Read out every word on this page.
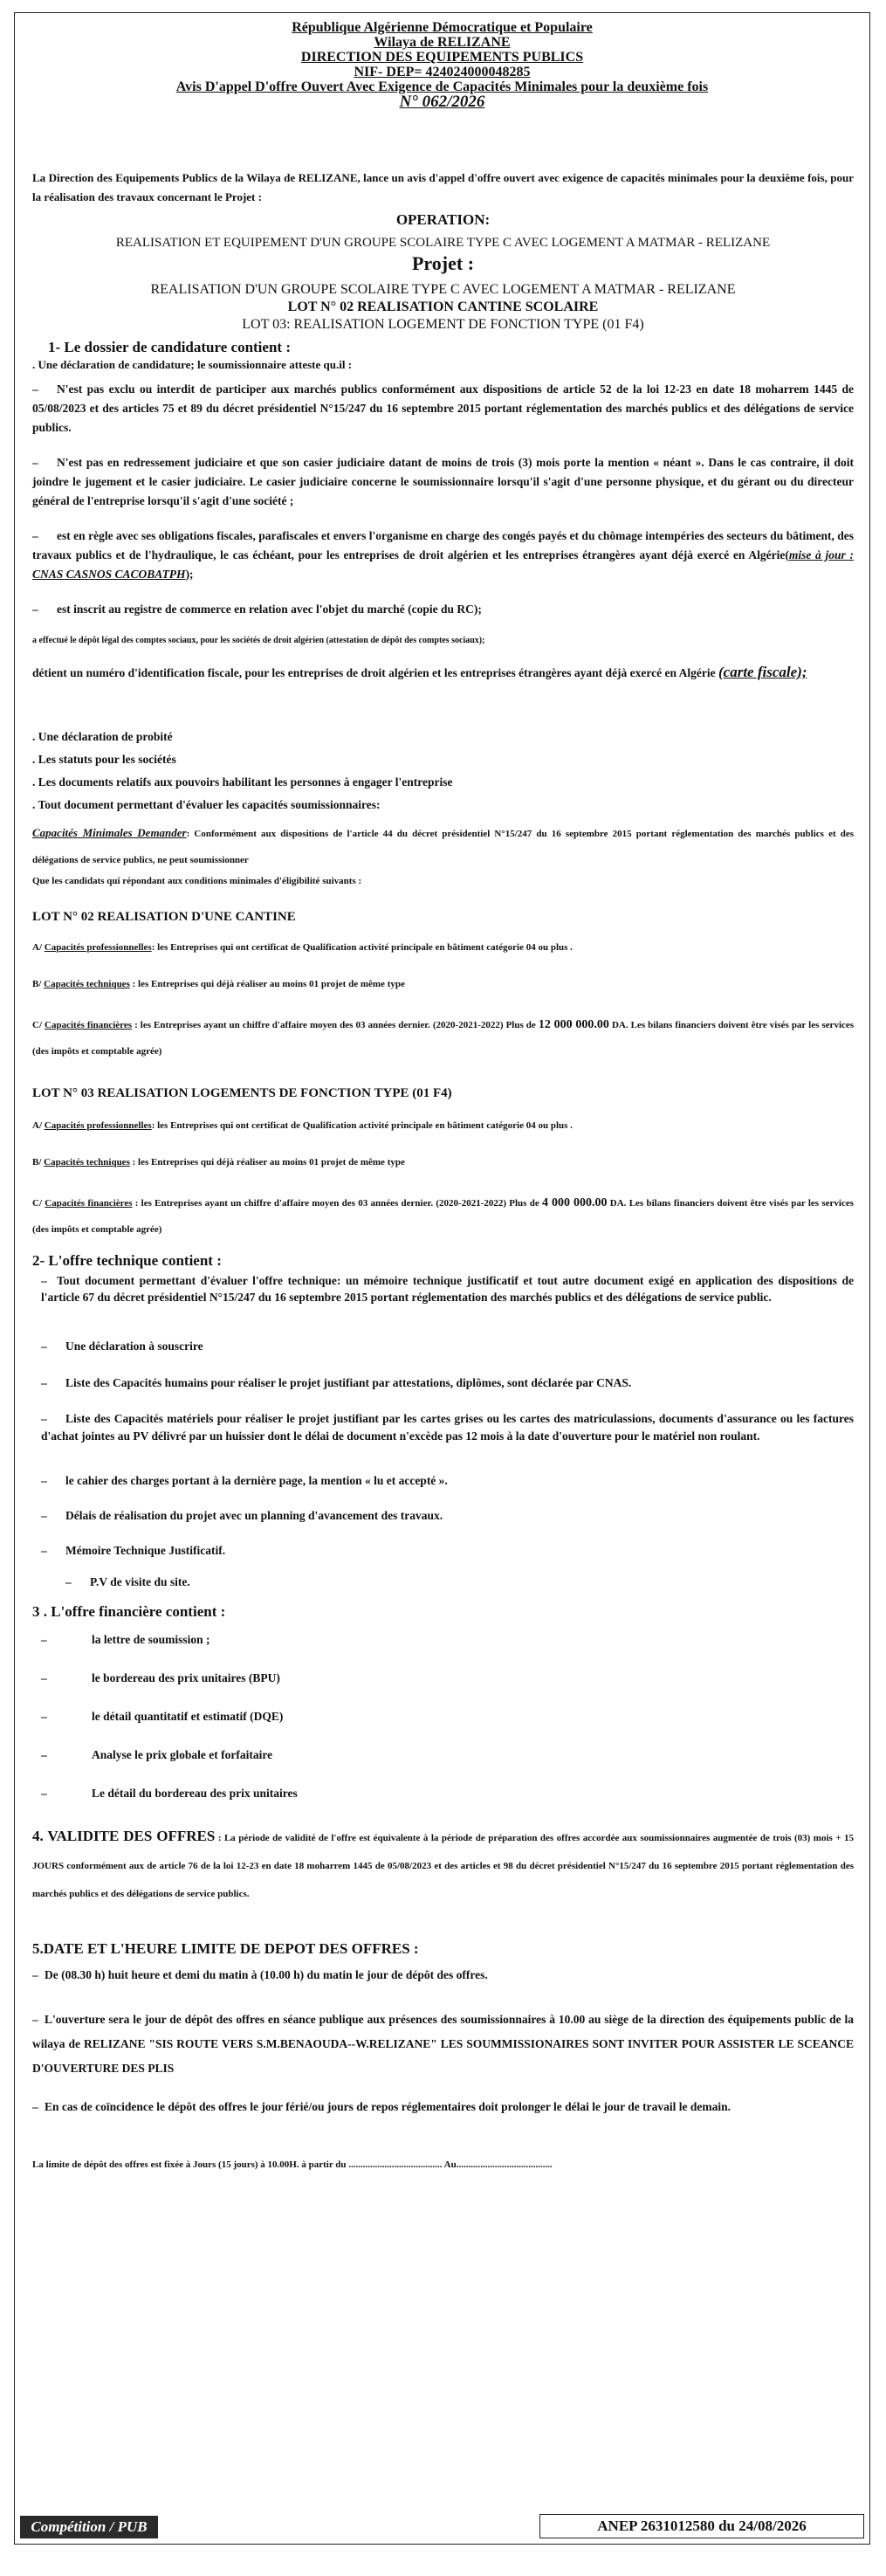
République Algérienne Démocratique et Populaire
Wilaya de RELIZANE
DIRECTION DES EQUIPEMENTS PUBLICS
NIF- DEP= 424024000048285
Avis D'appel D'offre Ouvert Avec Exigence de Capacités Minimales pour la deuxième fois
N° 062/2026
La Direction des Equipements Publics de la Wilaya de RELIZANE, lance un avis d'appel d'offre ouvert avec exigence de capacités minimales pour la deuxième fois, pour la réalisation des travaux concernant le Projet :
OPERATION:
REALISATION ET EQUIPEMENT D'UN GROUPE SCOLAIRE TYPE C AVEC LOGEMENT A MATMAR - RELIZANE
Projet :
REALISATION D'UN GROUPE SCOLAIRE TYPE C AVEC LOGEMENT A MATMAR - RELIZANE
LOT N° 02 REALISATION CANTINE SCOLAIRE
LOT 03: REALISATION LOGEMENT DE FONCTION TYPE (01 F4)
1- Le dossier de candidature contient :
. Une déclaration de candidature; le soumissionnaire atteste qu.il :
– N'est pas exclu ou interdit de participer aux marchés publics conformément aux dispositions de article 52 de la loi 12-23 en date 18 moharrem 1445 de 05/08/2023 et des articles 75 et 89 du décret présidentiel N°15/247 du 16 septembre 2015 portant réglementation des marchés publics et des délégations de service publics.
– N'est pas en redressement judiciaire et que son casier judiciaire datant de moins de trois (3) mois porte la mention « néant ». Dans le cas contraire, il doit joindre le jugement et le casier judiciaire. Le casier judiciaire concerne le soumissionnaire lorsqu'il s'agit d'une personne physique, et du gérant ou du directeur général de l'entreprise lorsqu'il s'agit d'une société ;
– est en règle avec ses obligations fiscales, parafiscales et envers l'organisme en charge des congés payés et du chômage intempéries des secteurs du bâtiment, des travaux publics et de l'hydraulique, le cas échéant, pour les entreprises de droit algérien et les entreprises étrangères ayant déjà exercé en Algérie(mise à jour : CNAS CASNOS CACOBATPH);
– est inscrit au registre de commerce en relation avec l'objet du marché (copie du RC);
a effectué le dépôt légal des comptes sociaux, pour les sociétés de droit algérien (attestation de dépôt des comptes sociaux);
détient un numéro d'identification fiscale, pour les entreprises de droit algérien et les entreprises étrangères ayant déjà exercé en Algérie (carte fiscale);
. Une déclaration de probité
. Les statuts pour les sociétés
. Les documents relatifs aux pouvoirs habilitant les personnes à engager l'entreprise
. Tout document permettant d'évaluer les capacités soumissionnaires:
Capacités Minimales Demander: Conformément aux dispositions de l'article 44 du décret présidentiel N°15/247 du 16 septembre 2015 portant réglementation des marchés publics et des délégations de service publics, ne peut soumissionner
Que les candidats qui répondant aux conditions minimales d'éligibilité suivants :
LOT N° 02 REALISATION D'UNE CANTINE
A/ Capacités professionnelles: les Entreprises qui ont certificat de Qualification activité principale en bâtiment catégorie 04 ou plus .
B/ Capacités techniques : les Entreprises qui déjà réaliser au moins 01 projet de même type
C/ Capacités financières : les Entreprises ayant un chiffre d'affaire moyen des 03 années dernier. (2020-2021-2022) Plus de 12 000 000.00 DA. Les bilans financiers doivent être visés par les services (des impôts et comptable agrée)
LOT N° 03 REALISATION LOGEMENTS DE FONCTION TYPE (01 F4)
A/ Capacités professionnelles: les Entreprises qui ont certificat de Qualification activité principale en bâtiment catégorie 04 ou plus .
B/ Capacités techniques : les Entreprises qui déjà réaliser au moins 01 projet de même type
C/ Capacités financières : les Entreprises ayant un chiffre d'affaire moyen des 03 années dernier. (2020-2021-2022) Plus de 4 000 000.00 DA. Les bilans financiers doivent être visés par les services (des impôts et comptable agrée)
2- L'offre technique contient :
– Tout document permettant d'évaluer l'offre technique: un mémoire technique justificatif et tout autre document exigé en application des dispositions de l'article 67 du décret présidentiel N°15/247 du 16 septembre 2015 portant réglementation des marchés publics et des délégations de service public.
– Une déclaration à souscrire
– Liste des Capacités humains pour réaliser le projet justifiant par attestations, diplômes, sont déclarée par CNAS.
– Liste des Capacités matériels pour réaliser le projet justifiant par les cartes grises ou les cartes des matriculassions, documents d'assurance ou les factures d'achat jointes au PV délivré par un huissier dont le délai de document n'excède pas 12 mois à la date d'ouverture pour le matériel non roulant.
– le cahier des charges portant à la dernière page, la mention « lu et accepté ».
– Délais de réalisation du projet avec un planning d'avancement des travaux.
– Mémoire Technique Justificatif.
– P.V de visite du site.
3 . L'offre financière contient :
–	la lettre de soumission ;
–	le bordereau des prix unitaires (BPU)
–	le détail quantitatif et estimatif (DQE)
–	Analyse le prix globale et forfaitaire
–	Le détail du bordereau des prix unitaires
4. VALIDITE DES OFFRES : La période de validité de l'offre est équivalente à la période de préparation des offres accordée aux soumissionnaires augmentée de trois (03) mois + 15 JOURS conformément aux de article 76 de la loi 12-23 en date 18 moharrem 1445 de 05/08/2023 et des articles et 98 du décret présidentiel N°15/247 du 16 septembre 2015 portant réglementation des marchés publics et des délégations de service publics.
5.DATE ET L'HEURE LIMITE DE DEPOT DES OFFRES :
– De (08.30 h) huit heure et demi du matin à (10.00 h) du matin le jour de dépôt des offres.
– L'ouverture sera le jour de dépôt des offres en séance publique aux présences des soumissionnaires à 10.00 au siège de la direction des équipements public de la wilaya de RELIZANE "SIS ROUTE VERS S.M.BENAOUDA--W.RELIZANE" LES SOUMMISSIONAIRES SONT INVITER POUR ASSISTER LE SCEANCE D'OUVERTURE DES PLIS
– En cas de coïncidence le dépôt des offres le jour férié/ou jours de repos réglementaires doit prolonger le délai le jour de travail le demain.
La limite de dépôt des offres est fixée à Jours (15 jours) à 10.00H. à partir du ....................................... Au........................................
Compétition / PUB	ANEP 2631012580 du 24/08/2026
